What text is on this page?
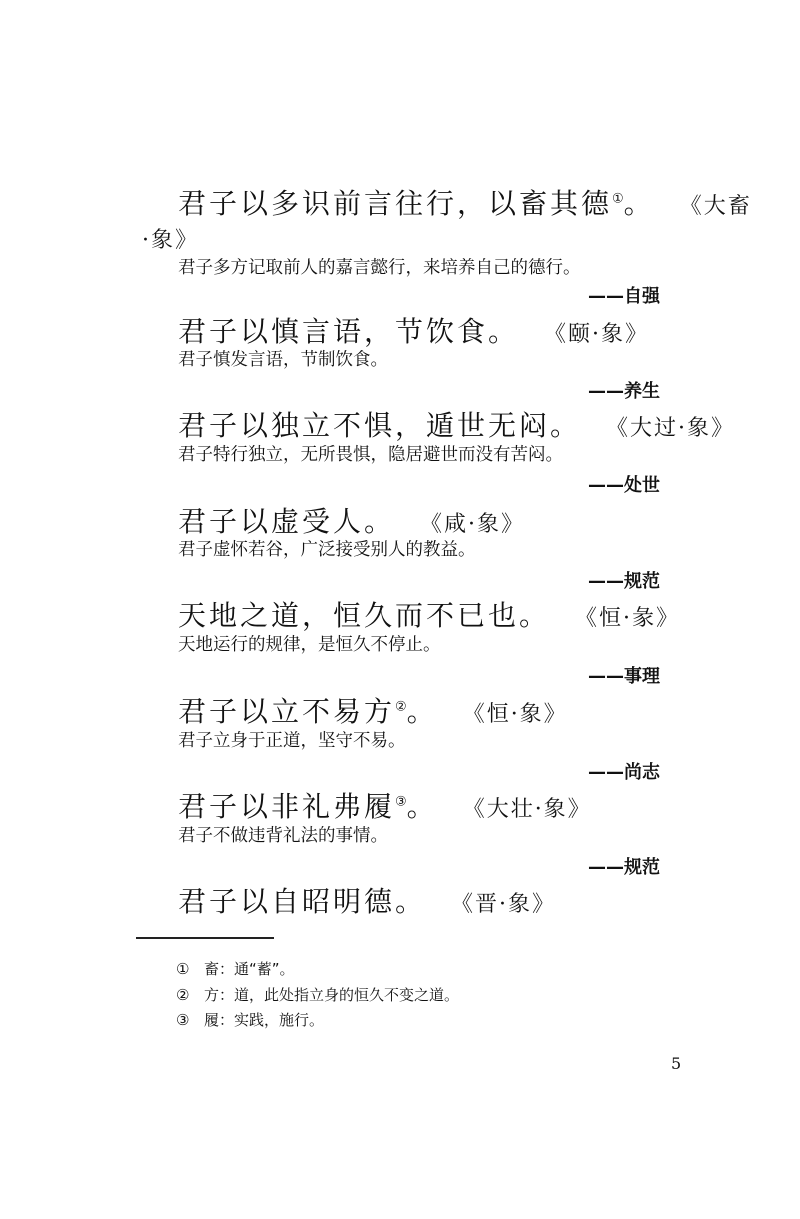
君子以多识前言往行，以畜其德①。 《大畜
·象》
君子多方记取前人的嘉言懿行，来培养自己的德行。
——自强
君子以慎言语，节饮食。 《颐·象》
君子慎发言语，节制饮食。
——养生
君子以独立不惧，遁世无闷。 《大过·象》
君子特行独立，无所畏惧，隐居避世而没有苦闷。
——处世
君子以虚受人。 《咸·象》
君子虚怀若谷，广泛接受别人的教益。
——规范
天地之道，恒久而不已也。 《恒·彖》
天地运行的规律，是恒久不停止。
——事理
君子以立不易方②。 《恒·象》
君子立身于正道，坚守不易。
——尚志
君子以非礼弗履③。 《大壮·象》
君子不做违背礼法的事情。
——规范
君子以自昭明德。 《晋·象》
① 畜：通“蓄”。
② 方：道，此处指立身的恒久不变之道。
③ 履：实践，施行。
5
